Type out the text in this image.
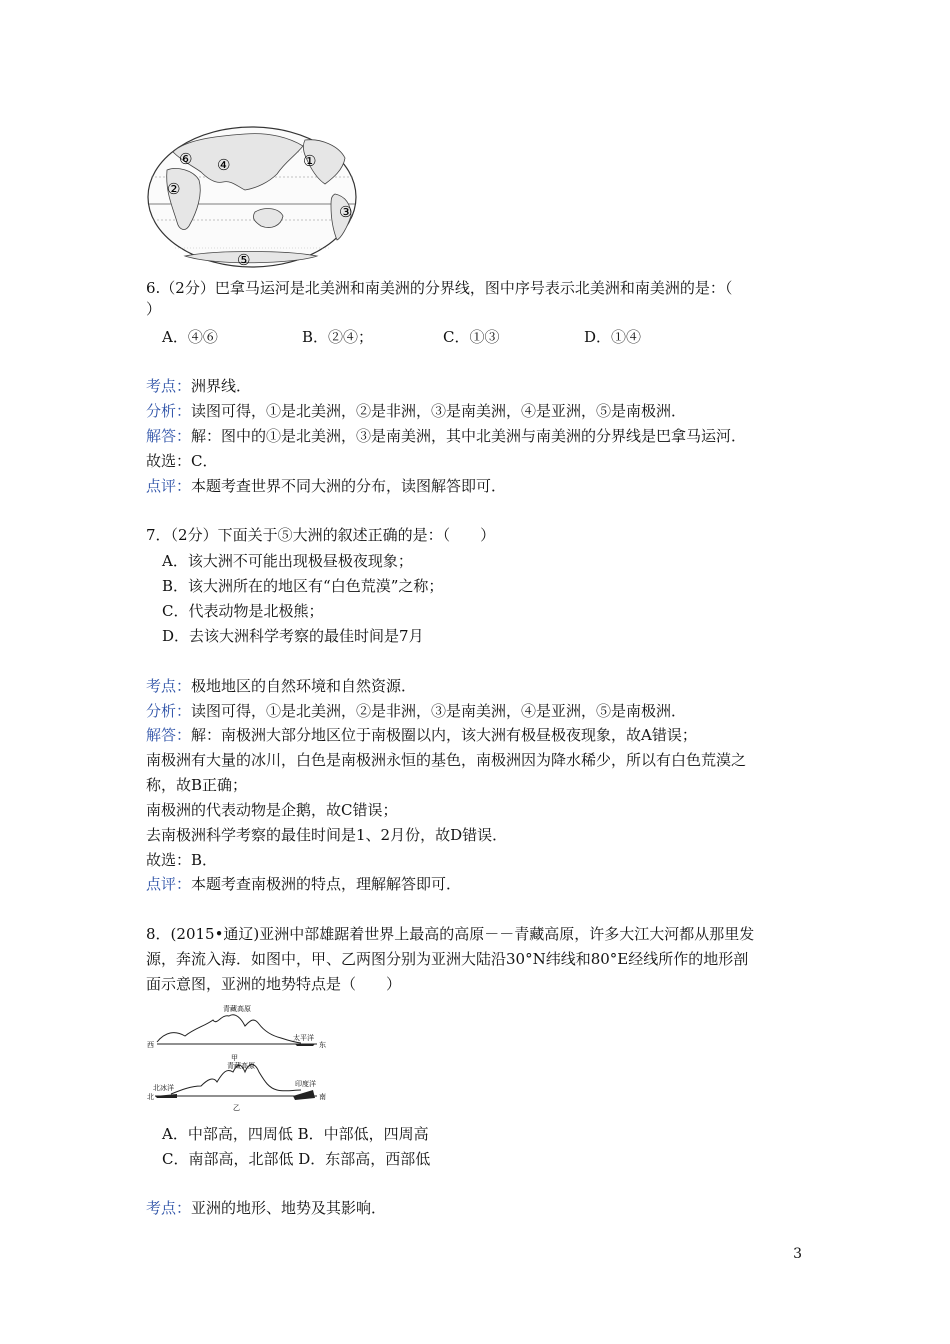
⑥ ④
②
①
③
⑤
6.（2分）巴拿马运河是北美洲和南美洲的分界线，图中序号表示北美洲和南美洲的是：（
）
A．④⑥	B．②④；	C．①③	D．①④
考点：洲界线．
分析：读图可得，①是北美洲，②是非洲，③是南美洲，④是亚洲，⑤是南极洲．
解答：解：图中的①是北美洲，③是南美洲，其中北美洲与南美洲的分界线是巴拿马运河．
故选：C．
点评：本题考查世界不同大洲的分布，读图解答即可．
7．（2分）下面关于⑤大洲的叙述正确的是：（　　）
A．该大洲不可能出现极昼极夜现象；
B．该大洲所在的地区有“白色荒漠”之称；
C．代表动物是北极熊；
D．去该大洲科学考察的最佳时间是7月
考点：极地地区的自然环境和自然资源．
分析：读图可得，①是北美洲，②是非洲，③是南美洲，④是亚洲，⑤是南极洲．
解答：解：南极洲大部分地区位于南极圈以内，该大洲有极昼极夜现象，故A错误；
南极洲有大量的冰川，白色是南极洲永恒的基色，南极洲因为降水稀少，所以有白色荒漠之
称，故B正确；
南极洲的代表动物是企鹅，故C错误；
去南极洲科学考察的最佳时间是1、2月份，故D错误．
故选：B．
点评：本题考查南极洲的特点，理解解答即可．
8．(2015•通辽)亚洲中部雄踞着世界上最高的高原－－青藏高原，许多大江大河都从那里发
源，奔流入海．如图中，甲、乙两图分别为亚洲大陆沿30°N纬线和80°E经线所作的地形剖
面示意图，亚洲的地势特点是（　　）
青藏高原
西
太平洋
东
甲
青藏高原
北冰洋
北
印度洋
南
乙
A．中部高，四周低 B．中部低，四周高
C．南部高，北部低 D．东部高，西部低
考点：亚洲的地形、地势及其影响．
3
